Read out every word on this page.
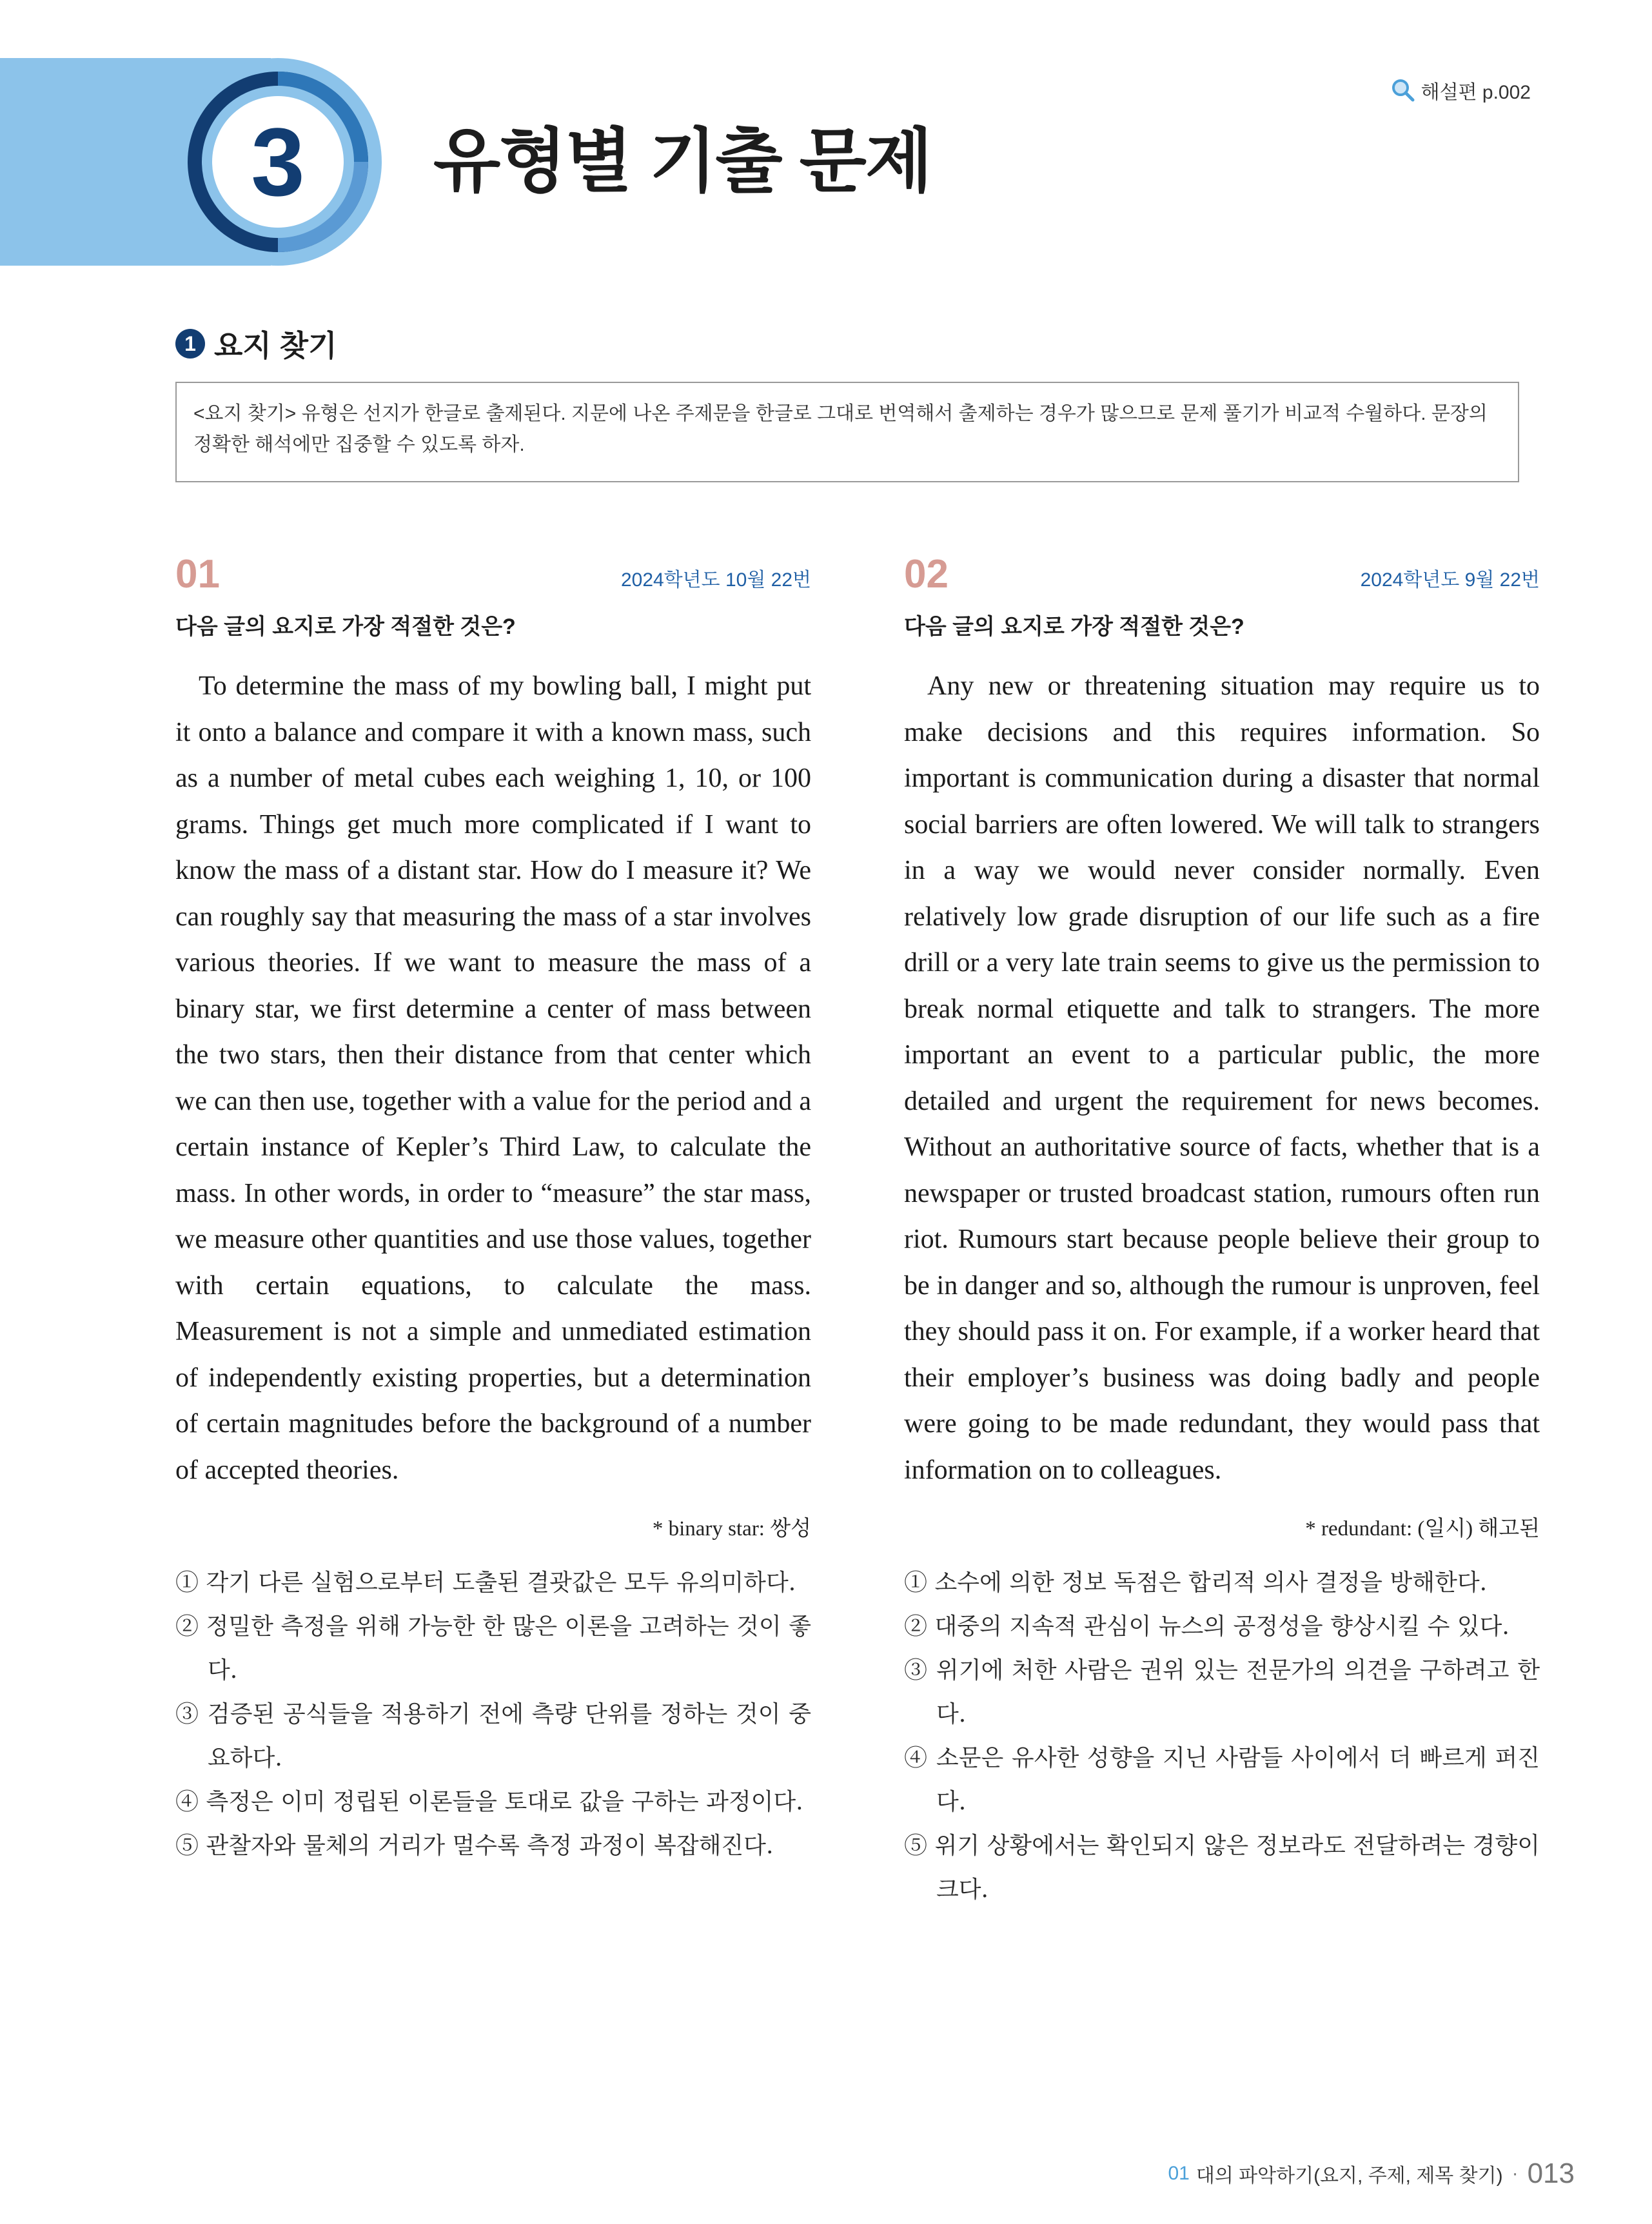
3	유형별 기출 문제
해설편 p.002
1 요지 찾기
<요지 찾기> 유형은 선지가 한글로 출제된다. 지문에 나온 주제문을 한글로 그대로 번역해서 출제하는 경우가 많으므로 문제 풀기가 비교적 수월하다. 문장의 정확한 해석에만 집중할 수 있도록 하자.
01	2024학년도 10월 22번
다음 글의 요지로 가장 적절한 것은?

To determine the mass of my bowling ball, I might put it onto a balance and compare it with a known mass, such as a number of metal cubes each weighing 1, 10, or 100 grams. Things get much more complicated if I want to know the mass of a distant star. How do I measure it? We can roughly say that measuring the mass of a star involves various theories. If we want to measure the mass of a binary star, we first determine a center of mass between the two stars, then their distance from that center which we can then use, together with a value for the period and a certain instance of Kepler’s Third Law, to calculate the mass. In other words, in order to “measure” the star mass, we measure other quantities and use those values, together with certain equations, to calculate the mass. Measurement is not a simple and unmediated estimation of independently existing properties, but a determination of certain magnitudes before the background of a number of accepted theories.

* binary star: 쌍성
① 각기 다른 실험으로부터 도출된 결괏값은 모두 유의미하다.
② 정밀한 측정을 위해 가능한 한 많은 이론을 고려하는 것이 좋다.
③ 검증된 공식들을 적용하기 전에 측량 단위를 정하는 것이 중요하다.
④ 측정은 이미 정립된 이론들을 토대로 값을 구하는 과정이다.
⑤ 관찰자와 물체의 거리가 멀수록 측정 과정이 복잡해진다.
02	2024학년도 9월 22번
다음 글의 요지로 가장 적절한 것은?

Any new or threatening situation may require us to make decisions and this requires information. So important is communication during a disaster that normal social barriers are often lowered. We will talk to strangers in a way we would never consider normally. Even relatively low grade disruption of our life such as a fire drill or a very late train seems to give us the permission to break normal etiquette and talk to strangers. The more important an event to a particular public, the more detailed and urgent the requirement for news becomes. Without an authoritative source of facts, whether that is a newspaper or trusted broadcast station, rumours often run riot. Rumours start because people believe their group to be in danger and so, although the rumour is unproven, feel they should pass it on. For example, if a worker heard that their employer’s business was doing badly and people were going to be made redundant, they would pass that information on to colleagues.

* redundant: (일시) 해고된
① 소수에 의한 정보 독점은 합리적 의사 결정을 방해한다.
② 대중의 지속적 관심이 뉴스의 공정성을 향상시킬 수 있다.
③ 위기에 처한 사람은 권위 있는 전문가의 의견을 구하려고 한다.
④ 소문은 유사한 성향을 지닌 사람들 사이에서 더 빠르게 퍼진다.
⑤ 위기 상황에서는 확인되지 않은 정보라도 전달하려는 경향이 크다.
01 대의 파악하기(요지, 주제, 제목 찾기) · 013
